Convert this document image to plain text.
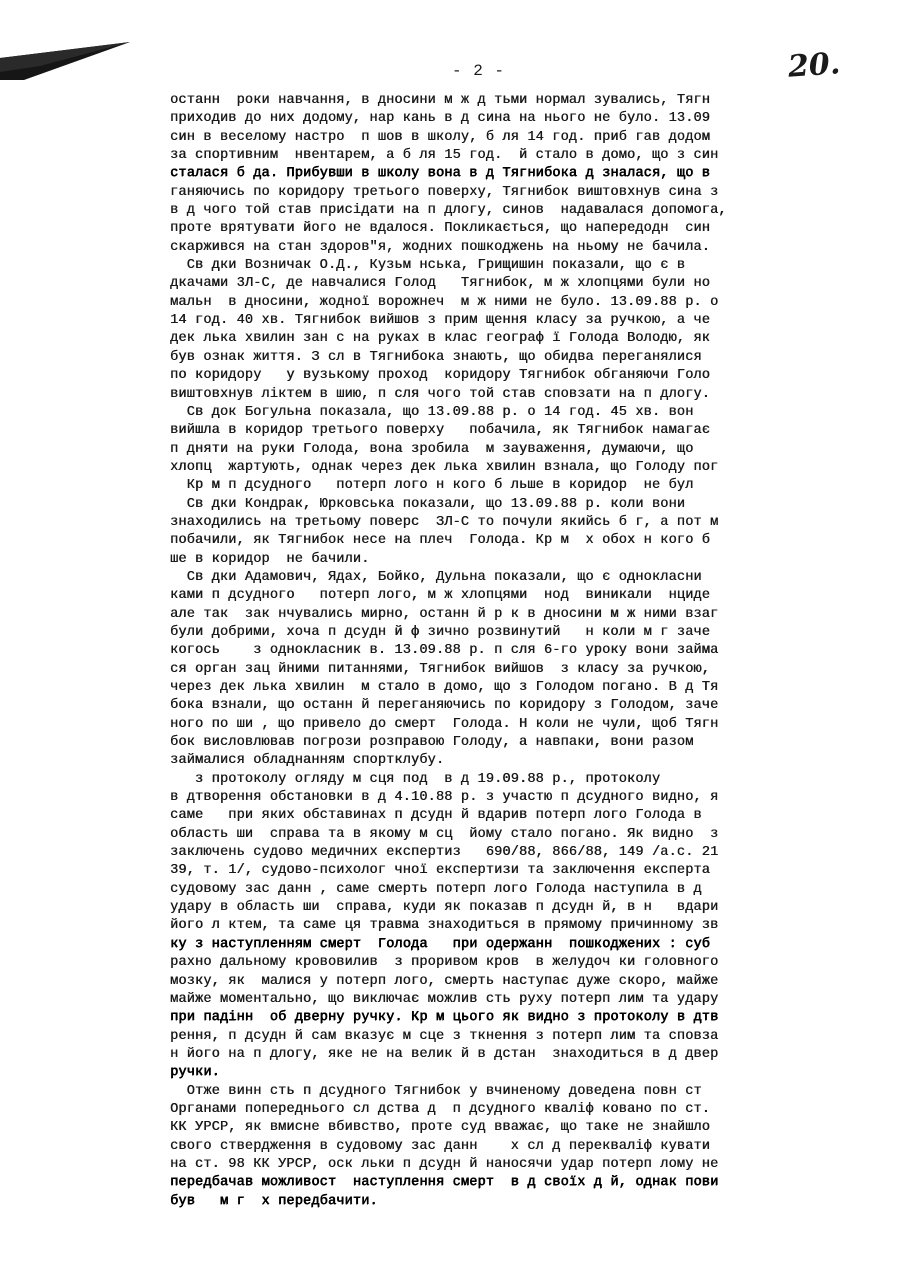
- 2 -	20.
останн  роки навчання, в дносини м ж д тьми нормал зувались, Тягн
приходив до них додому, нар кань в д сина на нього не було. 13.09
син в веселому настро  п шов в школу, б ля 14 год. приб гав додом
за спортивним  нвентарем, а б ля 15 год.  й стало в домо, що з син
сталася б да. Прибувши в школу вона в д Тягнибока д зналася, що в
ганяючись по коридору третього поверху, Тягнибок виштовхнув сина з
в д чого той став присідати на п длогу, синов  надавалася допомога,
проте врятувати його не вдалося. Покликається, що напередодн  син
скаржився на стан здоров"я, жодних пошкоджень на ньому не бачила.
Св дки Возничак О.Д., Кузьм нська, Грищишин показали, що є в
дкачами 3Л-С, де навчалися Голод   Тягнибок, м ж хлопцями були но
мальн  в дносини, жодної ворожнеч  м ж ними не було. 13.09.88 р. о
14 год. 40 хв. Тягнибок вийшов з прим щення класу за ручкою, а че
дек лька хвилин зан с на руках в клас географ ї Голода Володю, як
був ознак життя. З сл в Тягнибока знають, що обидва переганялися
по коридору   у вузькому проход  коридору Тягнибок обганяючи Голо
виштовхнув ліктем в шию, п сля чого той став сповзати на п длогу.
Св док Богульна показала, що 13.09.88 р. о 14 год. 45 хв. вон
вийшла в коридор третього поверху   побачила, як Тягнибок намагає
п дняти на руки Голода, вона зробила  м зауваження, думаючи, що
хлопц  жартують, однак через дек лька хвилин взнала, що Голоду пог
Кр м п дсудного   потерп лого н кого б льше в коридор  не бул
Св дки Кондрак, Юрковська показали, що 13.09.88 р. коли вони
знаходились на третьому поверс  ЗЛ-С то почули якийсь б г, а пот м
побачили, як Тягнибок несе на плеч  Голода. Кр м  х обох н кого б
ше в коридор  не бачили.
Св дки Адамович, Ядах, Бойко, Дульна показали, що є однокласни
ками п дсудного   потерп лого, м ж хлопцями  нод  виникали  нциде
але так  зак нчувались мирно, останн й р к в дносини м ж ними взаг
були добрими, хоча п дсудн й ф зично розвинутий   н коли м г заче
когось    з однокласник в. 13.09.88 р. п сля 6-го уроку вони займа
ся орган зац йними питаннями, Тягнибок вийшов  з класу за ручкою,
через дек лька хвилин  м стало в домо, що з Голодом погано. В д Тя
бока взнали, що останн й переганяючись по коридору з Голодом, заче
ного по ши , що привело до смерт  Голода. Н коли не чули, щоб Тягн
бок висловлював погрози розправою Голоду, а навпаки, вони разом
займалися обладнанням спортклубу.
з протоколу огляду м сця под  в д 19.09.88 р., протоколу
в дтворення обстановки в д 4.10.88 р. з участю п дсудного видно, я
саме   при яких обставинах п дсудн й вдарив потерп лого Голода в
область ши  справа та в якому м сц  йому стало погано. Як видно  з
заключень судово медичних експертиз   690/88, 866/88, 149 /а.с. 21
39, т. 1/, судово-психолог чної експертизи та заключення експерта
судовому зас данн , саме смерть потерп лого Голода наступила в д
удару в область ши  справа, куди як показав п дсудн й, в н   вдари
його л ктем, та саме ця травма знаходиться в прямому причинному зв
ку з наступленням смерт  Голода   при одержанн  пошкоджених : суб
рахно дальному крововилив  з проривом кров  в желудоч ки головного
мозку, як  малися у потерп лого, смерть наступає дуже скоро, майже
майже моментально, що виключає можлив сть руху потерп лим та удару
при падінн  об дверну ручку. Кр м цього як видно з протоколу в дтв
рення, п дсудн й сам вказує м сце з ткнення з потерп лим та сповза
н його на п длогу, яке не на велик й в дстан  знаходиться в д двер
ручки.
Отже винн сть п дсудного Тягнибок у вчиненому доведена повн ст
Органами попереднього сл дства д  п дсудного кваліф ковано по ст.
КК УРСР, як вмисне вбивство, проте суд вважає, що таке не знайшло
свого ствердження в судовому зас данн    х сл д перекваліф кувати
на ст. 98 КК УРСР, оск льки п дсудн й наносячи удар потерп лому не
передбачав можливост  наступлення смерт  в д своїх д й, однак пови
був   м г  х передбачити.
